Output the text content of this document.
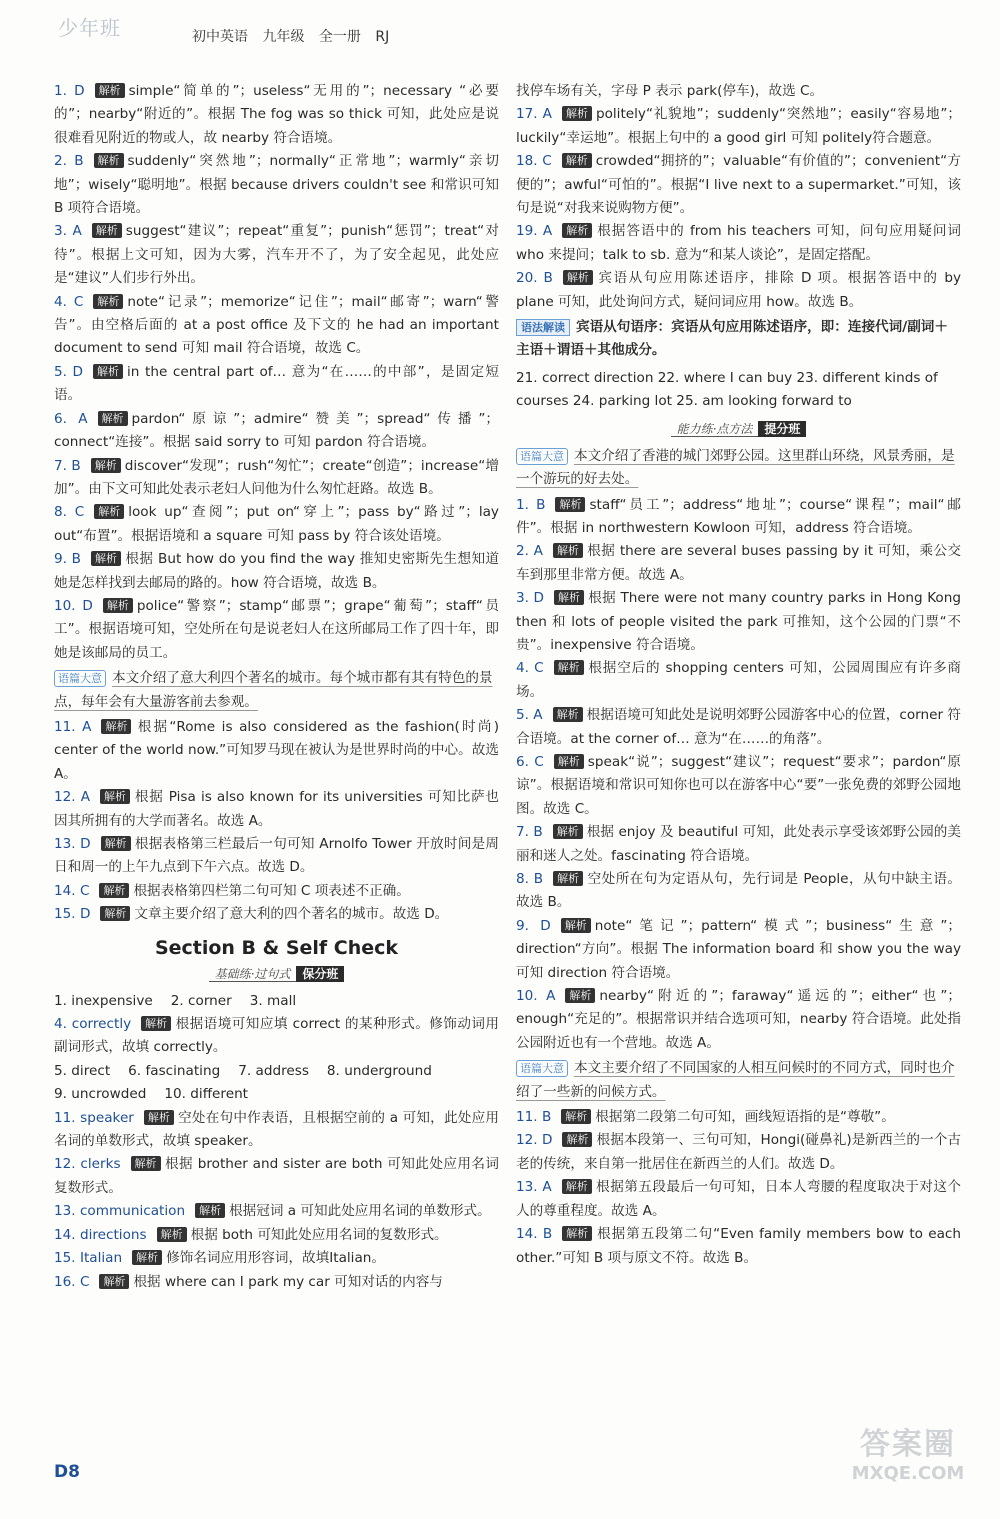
少年班	初中英语 九年级 全一册 RJ
1. D 解析 simple“简单的”；useless“无用的”；necessary “必要的”；nearby“附近的”。根据 The fog was so thick 可知，此处应是说很难看见附近的物或人，故 nearby 符合语境。
2. B 解析 suddenly“突然地”；normally“正常地”；warmly“亲切地”；wisely“聪明地”。根据 because drivers couldn't see 和常识可知 B 项符合语境。
3. A 解析 suggest“建议”；repeat“重复”；punish“惩罚”；treat“对待”。根据上文可知，因为大雾，汽车开不了，为了安全起见，此处应是“建议”人们步行外出。
4. C 解析 note“记录”；memorize“记住”；mail“邮寄”；warn“警告”。由空格后面的 at a post office 及下文的 he had an important document to send 可知 mail 符合语境，故选 C。
5. D 解析 in the central part of… 意为“在……的中部”，是固定短语。
6. A 解析 pardon“原谅”；admire“赞美”；spread“传播”；connect“连接”。根据 said sorry to 可知 pardon 符合语境。
7. B 解析 discover“发现”；rush“匆忙”；create“创造”；increase“增加”。由下文可知此处表示老妇人问他为什么匆忙赶路。故选 B。
8. C 解析 look up“查阅”；put on“穿上”；pass by“路过”；lay out“布置”。根据语境和 a square 可知 pass by 符合该处语境。
9. B 解析 根据 But how do you find the way 推知史密斯先生想知道她是怎样找到去邮局的路的。how 符合语境，故选 B。
10. D 解析 police“警察”；stamp“邮票”；grape“葡萄”；staff“员工”。根据语境可知，空处所在句是说老妇人在这所邮局工作了四十年，即她是该邮局的员工。
语篇大意 本文介绍了意大利四个著名的城市。每个城市都有其有特色的景点，每年会有大量游客前去参观。
11. A 解析 根据“Rome is also considered as the fashion(时尚) center of the world now.”可知罗马现在被认为是世界时尚的中心。故选 A。
12. A 解析 根据 Pisa is also known for its universities 可知比萨也因其所拥有的大学而著名。故选 A。
13. D 解析 根据表格第三栏最后一句可知 Arnolfo Tower 开放时间是周日和周一的上午九点到下午六点。故选 D。
14. C 解析 根据表格第四栏第二句可知 C 项表述不正确。
15. D 解析 文章主要介绍了意大利的四个著名的城市。故选 D。
Section B & Self Check
基础练·过句式 保分班
1. inexpensive 2. corner 3. mall
4. correctly 解析 根据语境可知应填 correct 的某种形式。修饰动词用副词形式，故填 correctly。
5. direct 6. fascinating 7. address 8. underground
9. uncrowded 10. different
11. speaker 解析 空处在句中作表语，且根据空前的 a 可知，此处应用名词的单数形式，故填 speaker。
12. clerks 解析 根据 brother and sister are both 可知此处应用名词复数形式。
13. communication 解析 根据冠词 a 可知此处应用名词的单数形式。
14. directions 解析 根据 both 可知此处应用名词的复数形式。
15. Italian 解析 修饰名词应用形容词，故填Italian。
16. C 解析 根据 where can I park my car 可知对话的内容与
找停车场有关，字母 P 表示 park(停车)，故选 C。
17. A 解析 politely“礼貌地”；suddenly“突然地”；easily“容易地”；luckily“幸运地”。根据上句中的 a good girl 可知 politely符合题意。
18. C 解析 crowded“拥挤的”；valuable“有价值的”；convenient“方便的”；awful“可怕的”。根据“I live next to a supermarket.”可知，该句是说“对我来说购物方便”。
19. A 解析 根据答语中的 from his teachers 可知，问句应用疑问词 who 来提问；talk to sb. 意为“和某人谈论”，是固定搭配。
20. B 解析 宾语从句应用陈述语序，排除 D 项。根据答语中的 by plane 可知，此处询问方式，疑问词应用 how。故选 B。
语法解读 宾语从句语序：宾语从句应用陈述语序，即：连接代词/副词＋主语＋谓语＋其他成分。
21. correct direction 22. where I can buy 23. different kinds of courses 24. parking lot 25. am looking forward to
能力练·点方法 提分班
语篇大意 本文介绍了香港的城门郊野公园。这里群山环绕，风景秀丽，是一个游玩的好去处。
1. B 解析 staff“员工”；address“地址”；course“课程”；mail“邮件”。根据 in northwestern Kowloon 可知，address 符合语境。
2. A 解析 根据 there are several buses passing by it 可知，乘公交车到那里非常方便。故选 A。
3. D 解析 根据 There were not many country parks in Hong Kong then 和 lots of people visited the park 可推知，这个公园的门票“不贵”。inexpensive 符合语境。
4. C 解析 根据空后的 shopping centers 可知，公园周围应有许多商场。
5. A 解析 根据语境可知此处是说明郊野公园游客中心的位置，corner 符合语境。at the corner of… 意为“在……的角落”。
6. C 解析 speak“说”；suggest“建议”；request“要求”；pardon“原谅”。根据语境和常识可知你也可以在游客中心“要”一张免费的郊野公园地图。故选 C。
7. B 解析 根据 enjoy 及 beautiful 可知，此处表示享受该郊野公园的美丽和迷人之处。fascinating 符合语境。
8. B 解析 空处所在句为定语从句，先行词是 People，从句中缺主语。故选 B。
9. D 解析 note“笔记”；pattern“模式”；business“生意”；direction“方向”。根据 The information board 和 show you the way 可知 direction 符合语境。
10. A 解析 nearby“附近的”；faraway“遥远的”；either“也”；enough“充足的”。根据常识并结合选项可知，nearby 符合语境。此处指公园附近也有一个营地。故选 A。
语篇大意 本文主要介绍了不同国家的人相互问候时的不同方式，同时也介绍了一些新的问候方式。
11. B 解析 根据第二段第二句可知，画线短语指的是“尊敬”。
12. D 解析 根据本段第一、三句可知，Hongi(碰鼻礼)是新西兰的一个古老的传统，来自第一批居住在新西兰的人们。故选 D。
13. A 解析 根据第五段最后一句可知，日本人弯腰的程度取决于对这个人的尊重程度。故选 A。
14. B 解析 根据第五段第二句“Even family members bow to each other.”可知 B 项与原文不符。故选 B。
D8
答案圈
MXQE.COM
